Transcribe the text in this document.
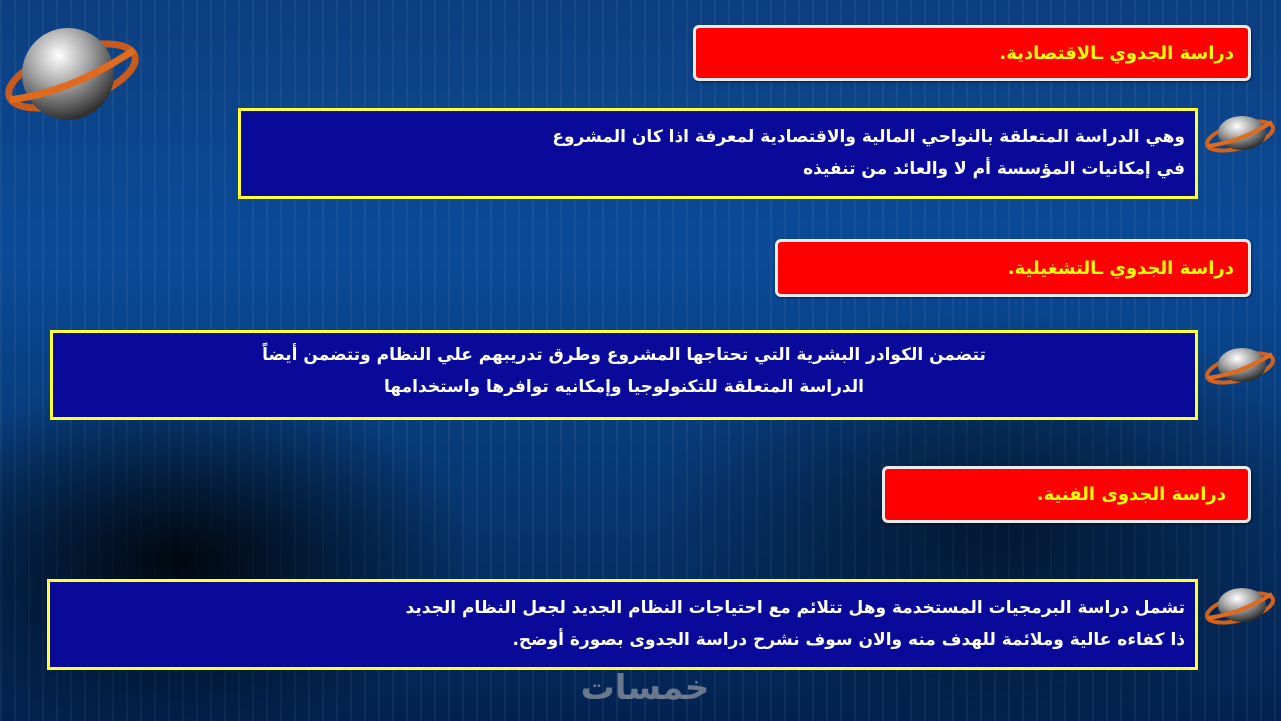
دراسة الجدوي ـالاقتصادية.
وهي الدراسة المتعلقة بالنواحي المالية والاقتصادية لمعرفة اذا كان المشروع
في إمكانيات المؤسسة أم لا والعائد من تنفيذه
دراسة الجدوي ـالتشغيلية.
تتضمن الكوادر البشرية التي تحتاجها المشروع وطرق تدريبهم علي النظام وتتضمن أيضاً
الدراسة المتعلقة للتكنولوجيا وإمكانيه توافرها واستخدامها
دراسة الجدوى الفنية.
تشمل دراسة البرمجيات المستخدمة وهل تتلائم مع احتياجات النظام الجديد لجعل النظام الجديد
ذا كفاءه عالية وملائمة للهدف منه والان سوف نشرح دراسة الجدوى بصورة أوضح.
خمسات
